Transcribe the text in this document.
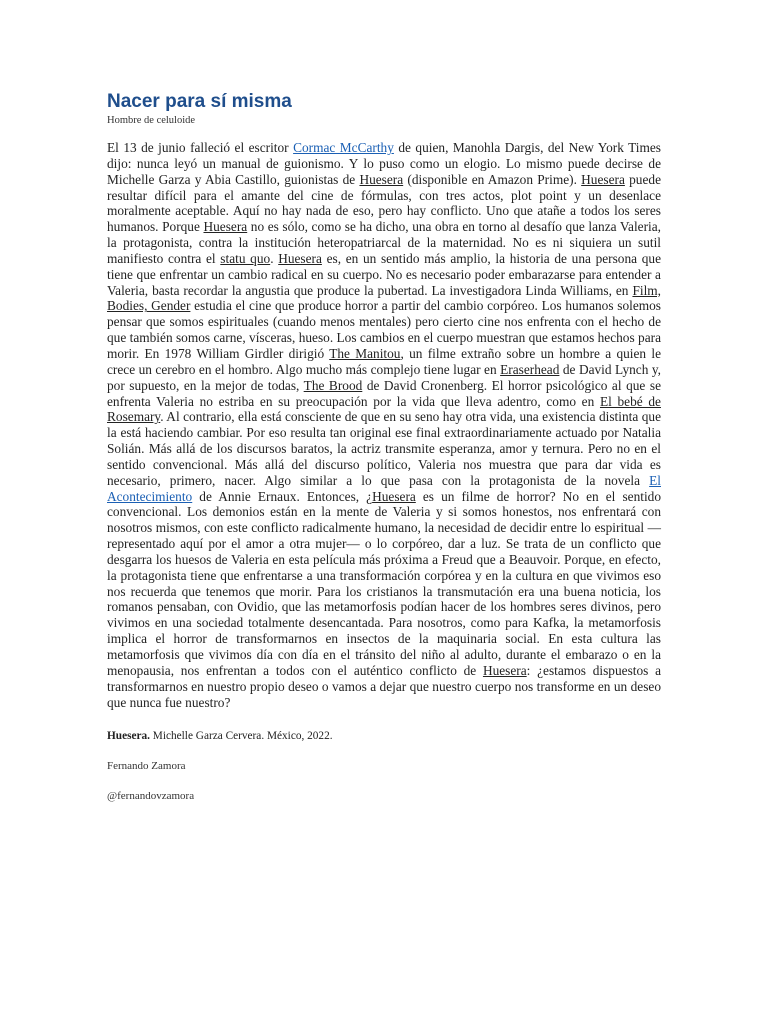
Nacer para sí misma

Hombre de celuloide

El 13 de junio falleció el escritor Cormac McCarthy de quien, Manohla Dargis, del New York Times dijo: nunca leyó un manual de guionismo. Y lo puso como un elogio. Lo mismo puede decirse de Michelle Garza y Abia Castillo, guionistas de Huesera (disponible en Amazon Prime). Huesera puede resultar difícil para el amante del cine de fórmulas, con tres actos, plot point y un desenlace moralmente aceptable. Aquí no hay nada de eso, pero hay conflicto. Uno que atañe a todos los seres humanos. Porque Huesera no es sólo, como se ha dicho, una obra en torno al desafío que lanza Valeria, la protagonista, contra la institución heteropatriarcal de la maternidad. No es ni siquiera un sutil manifiesto contra el statu quo. Huesera es, en un sentido más amplio, la historia de una persona que tiene que enfrentar un cambio radical en su cuerpo. No es necesario poder embarazarse para entender a Valeria, basta recordar la angustia que produce la pubertad. La investigadora Linda Williams, en Film, Bodies, Gender estudia el cine que produce horror a partir del cambio corpóreo. Los humanos solemos pensar que somos espirituales (cuando menos mentales) pero cierto cine nos enfrenta con el hecho de que también somos carne, vísceras, hueso. Los cambios en el cuerpo muestran que estamos hechos para morir. En 1978 William Girdler dirigió The Manitou, un filme extraño sobre un hombre a quien le crece un cerebro en el hombro. Algo mucho más complejo tiene lugar en Eraserhead de David Lynch y, por supuesto, en la mejor de todas, The Brood de David Cronenberg. El horror psicológico al que se enfrenta Valeria no estriba en su preocupación por la vida que lleva adentro, como en El bebé de Rosemary. Al contrario, ella está consciente de que en su seno hay otra vida, una existencia distinta que la está haciendo cambiar. Por eso resulta tan original ese final extraordinariamente actuado por Natalia Solián. Más allá de los discursos baratos, la actriz transmite esperanza, amor y ternura. Pero no en el sentido convencional. Más allá del discurso político, Valeria nos muestra que para dar vida es necesario, primero, nacer. Algo similar a lo que pasa con la protagonista de la novela El Acontecimiento de Annie Ernaux. Entonces, ¿Huesera es un filme de horror? No en el sentido convencional. Los demonios están en la mente de Valeria y si somos honestos, nos enfrentará con nosotros mismos, con este conflicto radicalmente humano, la necesidad de decidir entre lo espiritual —representado aquí por el amor a otra mujer— o lo corpóreo, dar a luz. Se trata de un conflicto que desgarra los huesos de Valeria en esta película más próxima a Freud que a Beauvoir. Porque, en efecto, la protagonista tiene que enfrentarse a una transformación corpórea y en la cultura en que vivimos eso nos recuerda que tenemos que morir. Para los cristianos la transmutación era una buena noticia, los romanos pensaban, con Ovidio, que las metamorfosis podían hacer de los hombres seres divinos, pero vivimos en una sociedad totalmente desencantada. Para nosotros, como para Kafka, la metamorfosis implica el horror de transformarnos en insectos de la maquinaria social. En esta cultura las metamorfosis que vivimos día con día en el tránsito del niño al adulto, durante el embarazo o en la menopausia, nos enfrentan a todos con el auténtico conflicto de Huesera: ¿estamos dispuestos a transformarnos en nuestro propio deseo o vamos a dejar que nuestro cuerpo nos transforme en un deseo que nunca fue nuestro?

Huesera. Michelle Garza Cervera. México, 2022.

Fernando Zamora

@fernandovzamora
